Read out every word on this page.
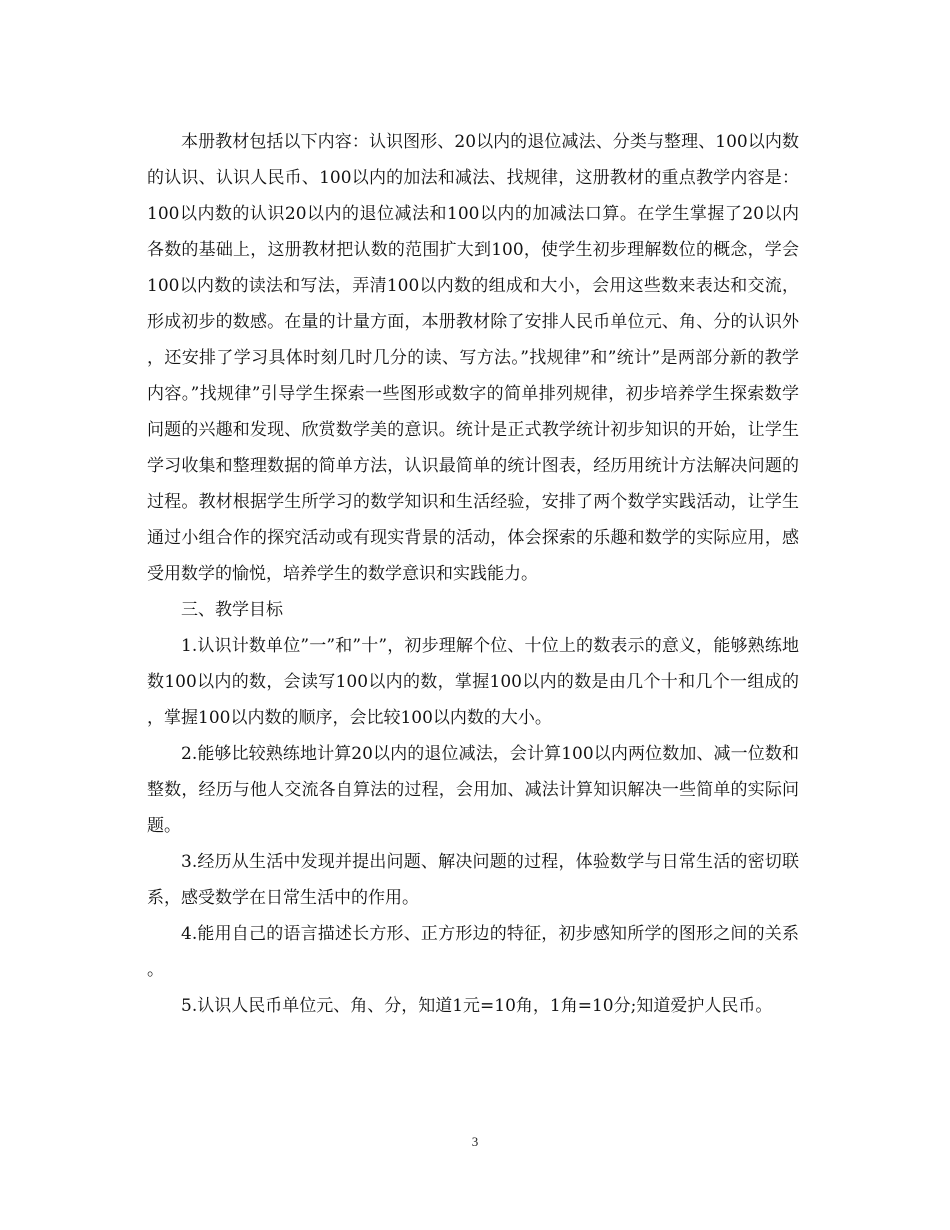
本册教材包括以下内容：认识图形、20以内的退位减法、分类与整理、100以内数的认识、认识人民币、100以内的加法和减法、找规律，这册教材的重点教学内容是：100以内数的认识20以内的退位减法和100以内的加减法口算。在学生掌握了20以内各数的基础上，这册教材把认数的范围扩大到100，使学生初步理解数位的概念，学会100以内数的读法和写法，弄清100以内数的组成和大小，会用这些数来表达和交流，形成初步的数感。在量的计量方面，本册教材除了安排人民币单位元、角、分的认识外，还安排了学习具体时刻几时几分的读、写方法。”找规律”和”统计”是两部分新的教学内容。”找规律”引导学生探索一些图形或数字的简单排列规律，初步培养学生探索数学问题的兴趣和发现、欣赏数学美的意识。统计是正式教学统计初步知识的开始，让学生学习收集和整理数据的简单方法，认识最简单的统计图表，经历用统计方法解决问题的过程。教材根据学生所学习的数学知识和生活经验，安排了两个数学实践活动，让学生通过小组合作的探究活动或有现实背景的活动，体会探索的乐趣和数学的实际应用，感受用数学的愉悦，培养学生的数学意识和实践能力。

三、教学目标

1.认识计数单位”一”和”十”，初步理解个位、十位上的数表示的意义，能够熟练地数100以内的数，会读写100以内的数，掌握100以内的数是由几个十和几个一组成的，掌握100以内数的顺序，会比较100以内数的大小。

2.能够比较熟练地计算20以内的退位减法，会计算100以内两位数加、减一位数和整数，经历与他人交流各自算法的过程，会用加、减法计算知识解决一些简单的实际问题。

3.经历从生活中发现并提出问题、解决问题的过程，体验数学与日常生活的密切联系，感受数学在日常生活中的作用。

4.能用自己的语言描述长方形、正方形边的特征，初步感知所学的图形之间的关系。

5.认识人民币单位元、角、分，知道1元=10角，1角=10分;知道爱护人民币。

3
